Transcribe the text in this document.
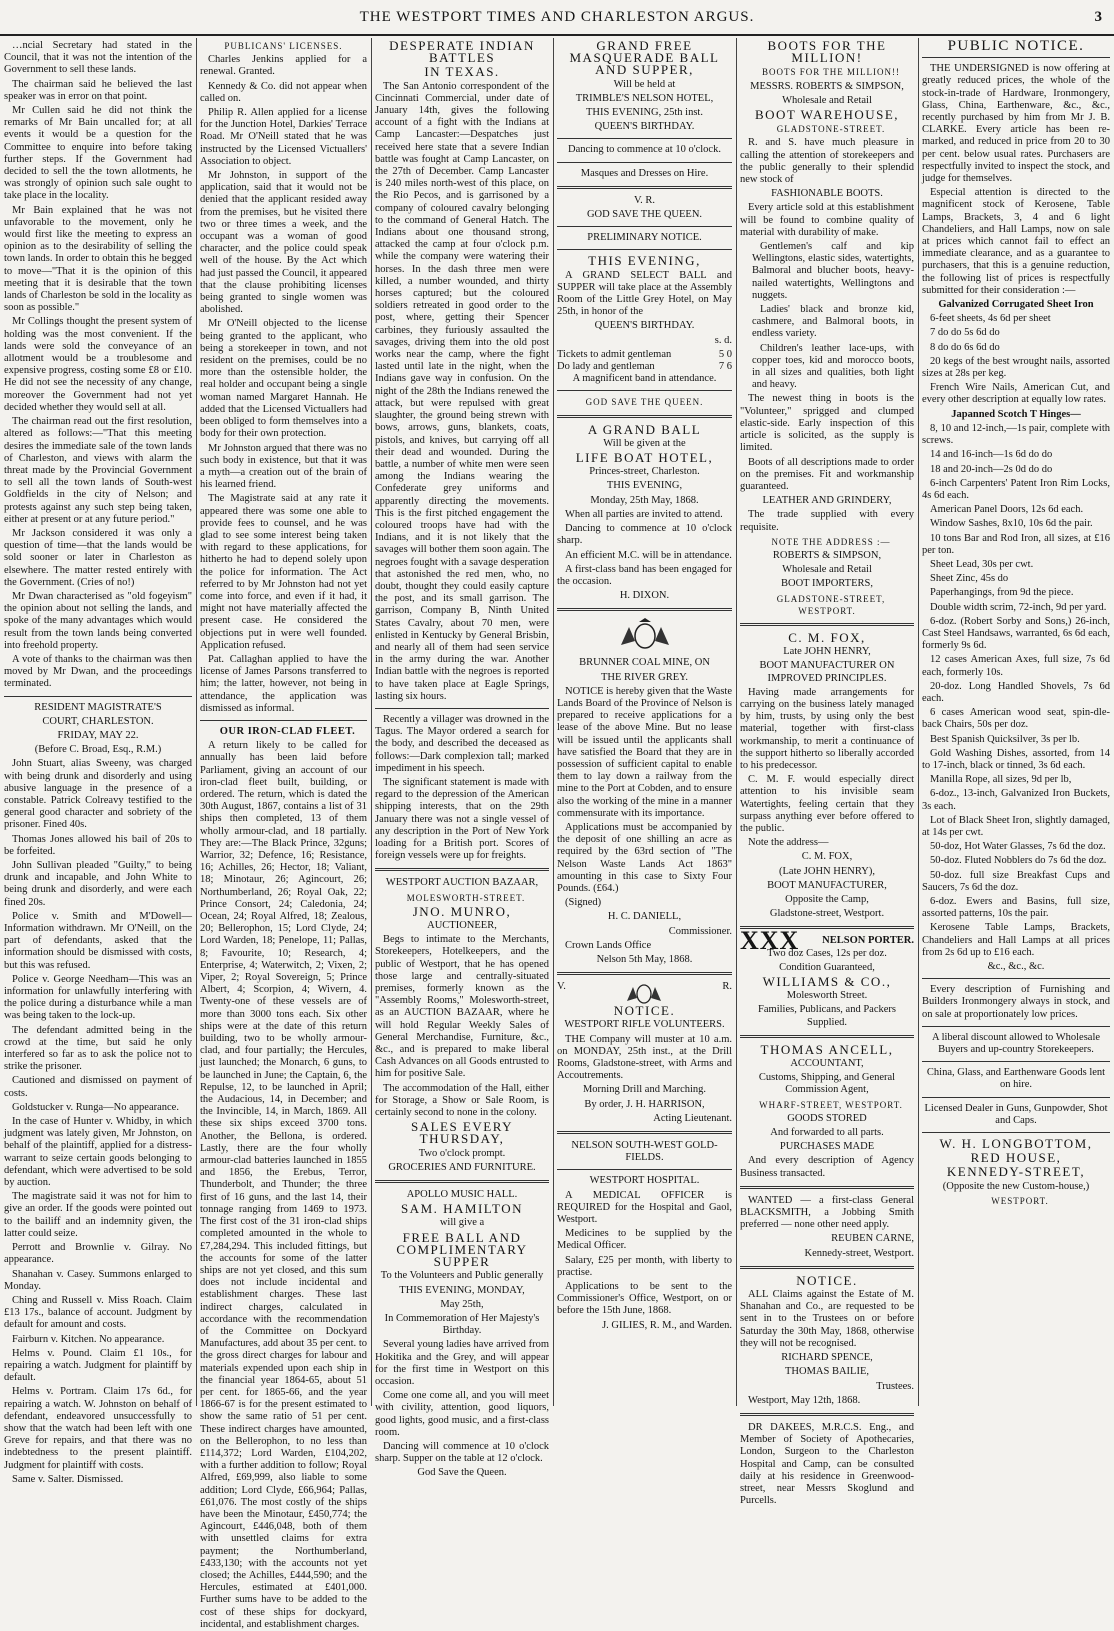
THE WESTPORT TIMES AND CHARLESTON ARGUS.	3

…ncial Secretary had stated in the Council, that it was not the intention of the Government to sell these lands.

The chairman said he believed the last speaker was in error on that point.

Mr Cullen said he did not think the remarks of Mr Bain uncalled for; at all events it would be a question for the Committee to enquire into before taking further steps. If the Government had decided to sell the the town allotments, he was strongly of opinion such sale ought to take place in the locality.

Mr Bain explained that he was not unfavorable to the movement, only he would first like the meeting to express an opinion as to the desirability of selling the town lands. In order to obtain this he begged to move—"That it is the opinion of this meeting that it is desirable that the town lands of Charleston be sold in the locality as soon as possible."

Mr Collings thought the present system of holding was the most convenient. If the lands were sold the conveyance of an allotment would be a troublesome and expensive progress, costing some £8 or £10. He did not see the necessity of any change, moreover the Government had not yet decided whether they would sell at all.

The chairman read out the first resolution, altered as follows:—"That this meeting desires the immediate sale of the town lands of Charleston, and views with alarm the threat made by the Provincial Government to sell all the town lands of South-west Goldfields in the city of Nelson; and protests against any such step being taken, either at present or at any future period."

Mr Jackson considered it was only a question of time—that the lands would be sold sooner or later in Charleston as elsewhere. The matter rested entirely with the Government. (Cries of no!)

Mr Dwan characterised as "old fogeyism" the opinion about not selling the lands, and spoke of the many advantages which would result from the town lands being converted into freehold property.

A vote of thanks to the chairman was then moved by Mr Dwan, and the proceedings terminated.

RESIDENT MAGISTRATE'S

COURT, CHARLESTON.

FRIDAY, MAY 22.

(Before C. Broad, Esq., R.M.)

John Stuart, alias Sweeny, was charged with being drunk and disorderly and using abusive language in the presence of a constable. Patrick Colreavy testified to the general good character and sobriety of the prisoner. Fined 40s.

Thomas Jones allowed his bail of 20s to be forfeited.

John Sullivan pleaded "Guilty," to being drunk and incapable, and John White to being drunk and disorderly, and were each fined 20s.

Police v. Smith and M'Dowell—Information withdrawn. Mr O'Neill, on the part of defendants, asked that the information should be dismissed with costs, but this was refused.

Police v. George Needham—This was an information for unlawfully interfering with the police during a disturbance while a man was being taken to the lock-up.

The defendant admitted being in the crowd at the time, but said he only interfered so far as to ask the police not to strike the prisoner.

Cautioned and dismissed on payment of costs.

Goldstucker v. Runga—No appearance.

In the case of Hunter v. Whidby, in which judgment was lately given, Mr Johnston, on behalf of the plaintiff, applied for a distress-warrant to seize certain goods belonging to defendant, which were advertised to be sold by auction.

The magistrate said it was not for him to give an order. If the goods were pointed out to the bailiff and an indemnity given, the latter could seize.

Perrott and Brownlie v. Gilray. No appearance.

Shanahan v. Casey. Summons enlarged to Monday.

Ching and Russell v. Miss Roach. Claim £13 17s., balance of account. Judgment by default for amount and costs.

Fairburn v. Kitchen. No appearance.

Helms v. Pound. Claim £1 10s., for repairing a watch. Judgment for plaintiff by default.

Helms v. Portram. Claim 17s 6d., for repairing a watch. W. Johnston on behalf of defendant, endeavored unsuccessfully to show that the watch had been left with one Greve for repairs, and that there was no indebtedness to the present plaintiff. Judgment for plaintiff with costs.

Same v. Salter. Dismissed.

PUBLICANS' LICENSES.

Charles Jenkins applied for a renewal. Granted.

Kennedy & Co. did not appear when called on.

Philip R. Allen applied for a license for the Junction Hotel, Darkies' Terrace Road. Mr O'Neill stated that he was instructed by the Licensed Victuallers' Association to object.

Mr Johnston, in support of the application, said that it would not be denied that the applicant resided away from the premises, but he visited there two or three times a week, and the occupant was a woman of good character, and the police could speak well of the house. By the Act which had just passed the Council, it appeared that the clause prohibiting licenses being granted to single women was abolished.

Mr O'Neill objected to the license being granted to the applicant, who being a storekeeper in town, and not resident on the premises, could be no more than the ostensible holder, the real holder and occupant being a single woman named Margaret Hannah. He added that the Licensed Victuallers had been obliged to form themselves into a body for their own protection.

Mr Johnston argued that there was no such body in existence, but that it was a myth—a creation out of the brain of his learned friend.

The Magistrate said at any rate it appeared there was some one able to provide fees to counsel, and he was glad to see some interest being taken with regard to these applications, for hitherto he had to depend solely upon the police for information. The Act referred to by Mr Johnston had not yet come into force, and even if it had, it might not have materially affected the present case. He considered the objections put in were well founded. Application refused.

Pat. Callaghan applied to have the license of James Parsons transferred to him; the latter, however, not being in attendance, the application was dismissed as informal.

OUR IRON-CLAD FLEET.

A return likely to be called for annually has been laid before Parliament, giving an account of our iron-clad fleet built, building, or ordered. The return, which is dated the 30th August, 1867, contains a list of 31 ships then completed, 13 of them wholly armour-clad, and 18 partially. They are:—The Black Prince, 32guns; Warrior, 32; Defence, 16; Resistance, 16; Achilles, 26; Hector, 18; Valiant, 18; Minotaur, 26; Agincourt, 26; Northumberland, 26; Royal Oak, 22; Prince Consort, 24; Caledonia, 24; Ocean, 24; Royal Alfred, 18; Zealous, 20; Bellerophon, 15; Lord Clyde, 24; Lord Warden, 18; Penelope, 11; Pallas, 8; Favourite, 10; Research, 4; Enterprise, 4; Waterwitch, 2; Vixen, 2; Viper, 2; Royal Sovereign, 5; Prince Albert, 4; Scorpion, 4; Wivern, 4. Twenty-one of these vessels are of more than 3000 tons each. Six other ships were at the date of this return building, two to be wholly armour-clad, and four partially; the Hercules, just launched; the Monarch, 6 guns, to be launched in June; the Captain, 6, the Repulse, 12, to be launched in April; the Audacious, 14, in December; and the Invincible, 14, in March, 1869. All these six ships exceed 3700 tons. Another, the Bellona, is ordered. Lastly, there are the four wholly armour-clad batteries launched in 1855 and 1856, the Erebus, Terror, Thunderbolt, and Thunder; the three first of 16 guns, and the last 14, their tonnage ranging from 1469 to 1973. The first cost of the 31 iron-clad ships completed amounted in the whole to £7,284,294. This included fittings, but the accounts for some of the latter ships are not yet closed, and this sum does not include incidental and establishment charges. These last indirect charges, calculated in accordance with the recommendation of the Committee on Dockyard Manufactures, add about 35 per cent. to the gross direct charges for labour and materials expended upon each ship in the financial year 1864-65, about 51 per cent. for 1865-66, and the year 1866-67 is for the present estimated to show the same ratio of 51 per cent. These indirect charges have amounted, on the Bellerophon, to no less than £114,372; Lord Warden, £104,202, with a further addition to follow; Royal Alfred, £69,999, also liable to some addition; Lord Clyde, £66,964; Pallas, £61,076. The most costly of the ships have been the Minotaur, £450,774; the Agincourt, £446,048, both of them with unsettled claims for extra payment; the Northumberland, £433,130; with the accounts not yet closed; the Achilles, £444,590; and the Hercules, estimated at £401,000. Further sums have to be added to the cost of these ships for dockyard, incidental, and establishment charges.

DESPERATE INDIAN BATTLES

IN TEXAS.

The San Antonio correspondent of the Cincinnati Commercial, under date of January 14th, gives the following account of a fight with the Indians at Camp Lancaster:—Despatches just received here state that a severe Indian battle was fought at Camp Lancaster, on the 27th of December. Camp Lancaster is 240 miles north-west of this place, on the Rio Pecos, and is garrisoned by a company of coloured cavalry belonging to the command of General Hatch. The Indians about one thousand strong, attacked the camp at four o'clock p.m. while the company were watering their horses. In the dash three men were killed, a number wounded, and thirty horses captured; but the coloured soldiers retreated in good order to the post, where, getting their Spencer carbines, they furiously assaulted the savages, driving them into the old post works near the camp, where the fight lasted until late in the night, when the Indians gave way in confusion. On the night of the 28th the Indians renewed the attack, but were repulsed with great slaughter, the ground being strewn with bows, arrows, guns, blankets, coats, pistols, and knives, but carrying off all their dead and wounded. During the battle, a number of white men were seen among the Indians wearing the Confederate grey uniforms and apparently directing the movements. This is the first pitched engagement the coloured troops have had with the Indians, and it is not likely that the savages will bother them soon again. The negroes fought with a savage desperation that astonished the red men, who, no doubt, thought they could easily capture the post, and its small garrison. The garrison, Company B, Ninth United States Cavalry, about 70 men, were enlisted in Kentucky by General Brisbin, and nearly all of them had seen service in the army during the war. Another Indian battle with the negroes is reported to have taken place at Eagle Springs, lasting six hours.

Recently a villager was drowned in the Tagus. The Mayor ordered a search for the body, and described the deceased as follows:—Dark complexion tall; marked impediment in his speech.

The significant statement is made with regard to the depression of the American shipping interests, that on the 29th January there was not a single vessel of any description in the Port of New York loading for a British port. Scores of foreign vessels were up for freights.

WESTPORT AUCTION BAZAAR,

MOLESWORTH-STREET.

JNO. MUNRO,

AUCTIONEER,

Begs to intimate to the Merchants, Storekeepers, Hotelkeepers, and the public of Westport, that he has opened those large and centrally-situated premises, formerly known as the "Assembly Rooms," Molesworth-street, as an AUCTION BAZAAR, where he will hold Regular Weekly Sales of General Merchandise, Furniture, &c., &c., and is prepared to make liberal Cash Advances on all Goods entrusted to him for positive Sale.

The accommodation of the Hall, either for Storage, a Show or Sale Room, is certainly second to none in the colony.

SALES EVERY THURSDAY,

Two o'clock prompt.

GROCERIES AND FURNITURE.

APOLLO MUSIC HALL.

SAM. HAMILTON

will give a

FREE BALL AND COMPLIMENTARY SUPPER

To the Volunteers and Public generally

THIS EVENING, MONDAY,

May 25th,

In Commemoration of Her Majesty's Birthday.

Several young ladies have arrived from Hokitika and the Grey, and will appear for the first time in Westport on this occasion.

Come one come all, and you will meet with civility, attention, good liquors, good lights, good music, and a first-class room.

Dancing will commence at 10 o'clock sharp. Supper on the table at 12 o'clock.

God Save the Queen.

GRAND FREE MASQUERADE BALL AND SUPPER,

Will be held at

TRIMBLE'S NELSON HOTEL,

THIS EVENING, 25th inst.

QUEEN'S BIRTHDAY.

Dancing to commence at 10 o'clock.

Masques and Dresses on Hire.

V. R.

GOD SAVE THE QUEEN.

PRELIMINARY NOTICE.

THIS EVENING,

A GRAND SELECT BALL and SUPPER will take place at the Assembly Room of the Little Grey Hotel, on May 25th, in honor of the

QUEEN'S BIRTHDAY.

s. d.

Tickets to admit gentleman	5 0
Do lady and gentleman	7 6

A magnificent band in attendance.

GOD SAVE THE QUEEN.

A GRAND BALL

Will be given at the

LIFE BOAT HOTEL,

Princes-street, Charleston.

THIS EVENING,

Monday, 25th May, 1868.

When all parties are invited to attend.

Dancing to commence at 10 o'clock sharp.

An efficient M.C. will be in attendance.

A first-class band has been engaged for the occasion.

H. DIXON.

BRUNNER COAL MINE, ON

THE RIVER GREY.

NOTICE is hereby given that the Waste Lands Board of the Province of Nelson is prepared to receive applications for a lease of the above Mine. But no lease will be issued until the applicants shall have satisfied the Board that they are in possession of sufficient capital to enable them to lay down a railway from the mine to the Port at Cobden, and to ensure also the working of the mine in a manner commensurate with its importance.

Applications must be accompanied by the deposit of one shilling an acre as required by the 63rd section of "The Nelson Waste Lands Act 1863" amounting in this case to Sixty Four Pounds. (£64.)

(Signed)

H. C. DANIELL,

Commissioner.

Crown Lands Office

Nelson 5th May, 1868.

V.	R.

NOTICE.

WESTPORT RIFLE VOLUNTEERS.

THE Company will muster at 10 a.m. on MONDAY, 25th inst., at the Drill Rooms, Gladstone-street, with Arms and Accoutrements.

Morning Drill and Marching.

By order, J. H. HARRISON,

Acting Lieutenant.

NELSON SOUTH-WEST GOLD-FIELDS.

WESTPORT HOSPITAL.

A MEDICAL OFFICER is REQUIRED for the Hospital and Gaol, Westport.

Medicines to be supplied by the Medical Officer.

Salary, £25 per month, with liberty to practise.

Applications to be sent to the Commissioner's Office, Westport, on or before the 15th June, 1868.

J. GILIES, R. M., and Warden.

BOOTS FOR THE MILLION!

BOOTS FOR THE MILLION!!

MESSRS. ROBERTS & SIMPSON,

Wholesale and Retail

BOOT WAREHOUSE,

GLADSTONE-STREET.

R. and S. have much pleasure in calling the attention of storekeepers and the public generally to their splendid new stock of

FASHIONABLE BOOTS.

Every article sold at this establishment will be found to combine quality of material with durability of make.

Gentlemen's calf and kip Wellingtons, elastic sides, watertights, Balmoral and blucher boots, heavy-nailed watertights, Wellingtons and nuggets.

Ladies' black and bronze kid, cashmere, and Balmoral boots, in endless variety.

Children's leather lace-ups, with copper toes, kid and morocco boots, in all sizes and qualities, both light and heavy.

The newest thing in boots is the "Volunteer," sprigged and clumped elastic-side. Early inspection of this article is solicited, as the supply is limited.

Boots of all descriptions made to order on the premises. Fit and workmanship guaranteed.

LEATHER AND GRINDERY,

The trade supplied with every requisite.

NOTE THE ADDRESS :—

ROBERTS & SIMPSON,

Wholesale and Retail

BOOT IMPORTERS,

GLADSTONE-STREET, WESTPORT.

C. M. FOX,

Late JOHN HENRY,

BOOT MANUFACTURER ON IMPROVED PRINCIPLES.

Having made arrangements for carrying on the business lately managed by him, trusts, by using only the best material, together with first-class workmanship, to merit a continuance of the support hitherto so liberally accorded to his predecessor.

C. M. F. would especially direct attention to his invisible seam Watertights, feeling certain that they surpass anything ever before offered to the public.

Note the address—

C. M. FOX,

(Late JOHN HENRY),

BOOT MANUFACTURER,

Opposite the Camp,

Gladstone-street, Westport.

XXX NELSON PORTER.

Two doz Cases, 12s per doz.

Condition Guaranteed,

WILLIAMS & CO.,

Molesworth Street.

Families, Publicans, and Packers Supplied.

THOMAS ANCELL,

ACCOUNTANT,

Customs, Shipping, and General Commission Agent,

WHARF-STREET, WESTPORT.

GOODS STORED

And forwarded to all parts.

PURCHASES MADE

And every description of Agency Business transacted.

WANTED — a first-class General BLACKSMITH, a Jobbing Smith preferred — none other need apply.

REUBEN CARNE,

Kennedy-street, Westport.

NOTICE.

ALL Claims against the Estate of M. Shanahan and Co., are requested to be sent in to the Trustees on or before Saturday the 30th May, 1868, otherwise they will not be recognised.

RICHARD SPENCE,

THOMAS BAILIE,

Trustees.

Westport, May 12th, 1868.

DR DAKEES, M.R.C.S. Eng., and Member of Society of Apothecaries, London, Surgeon to the Charleston Hospital and Camp, can be consulted daily at his residence in Greenwood-street, near Messrs Skoglund and Purcells.

PUBLIC NOTICE.

THE UNDERSIGNED is now offering at greatly reduced prices, the whole of the stock-in-trade of Hardware, Ironmongery, Glass, China, Earthenware, &c., &c., recently purchased by him from Mr J. B. CLARKE. Every article has been re-marked, and reduced in price from 20 to 30 per cent. below usual rates. Purchasers are respectfully invited to inspect the stock, and judge for themselves.

Especial attention is directed to the magnificent stock of Kerosene, Table Lamps, Brackets, 3, 4 and 6 light Chandeliers, and Hall Lamps, now on sale at prices which cannot fail to effect an immediate clearance, and as a guarantee to purchasers, that this is a genuine reduction, the following list of prices is respectfully submitted for their consideration :—

Galvanized Corrugated Sheet Iron

6-feet sheets, 4s 6d per sheet

7 do do 5s 6d do

8 do do 6s 6d do

20 kegs of the best wrought nails, assorted sizes at 28s per keg.

French Wire Nails, American Cut, and every other description at equally low rates.

Japanned Scotch T Hinges—

8, 10 and 12-inch,—1s pair, complete with screws.

14 and 16-inch—1s 6d do do

18 and 20-inch—2s 0d do do

6-inch Carpenters' Patent Iron Rim Locks, 4s 6d each.

American Panel Doors, 12s 6d each.

Window Sashes, 8x10, 10s 6d the pair.

10 tons Bar and Rod Iron, all sizes, at £16 per ton.

Sheet Lead, 30s per cwt.

Sheet Zinc, 45s do

Paperhangings, from 9d the piece.

Double width scrim, 72-inch, 9d per yard.

6-doz. (Robert Sorby and Sons,) 26-inch, Cast Steel Handsaws, warranted, 6s 6d each, formerly 9s 6d.

12 cases American Axes, full size, 7s 6d each, formerly 10s.

20-doz. Long Handled Shovels, 7s 6d each.

6 cases American wood seat, spin-dle-back Chairs, 50s per doz.

Best Spanish Quicksilver, 3s per lb.

Gold Washing Dishes, assorted, from 14 to 17-inch, black or tinned, 3s 6d each.

Manilla Rope, all sizes, 9d per lb,

6-doz., 13-inch, Galvanized Iron Buckets, 3s each.

Lot of Black Sheet Iron, slightly damaged, at 14s per cwt.

50-doz, Hot Water Glasses, 7s 6d the doz.

50-doz. Fluted Nobblers do 7s 6d the doz.

50-doz. full size Breakfast Cups and Saucers, 7s 6d the doz.

6-doz. Ewers and Basins, full size, assorted patterns, 10s the pair.

Kerosene Table Lamps, Brackets, Chandeliers and Hall Lamps at all prices from 2s 6d up to £16 each.

&c., &c., &c.

Every description of Furnishing and Builders Ironmongery always in stock, and on sale at proportionately low prices.

A liberal discount allowed to Wholesale Buyers and up-country Storekeepers.

China, Glass, and Earthenware Goods lent on hire.

Licensed Dealer in Guns, Gunpowder, Shot and Caps.

W. H. LONGBOTTOM,

RED HOUSE,

KENNEDY-STREET,

(Opposite the new Custom-house,)

WESTPORT.
